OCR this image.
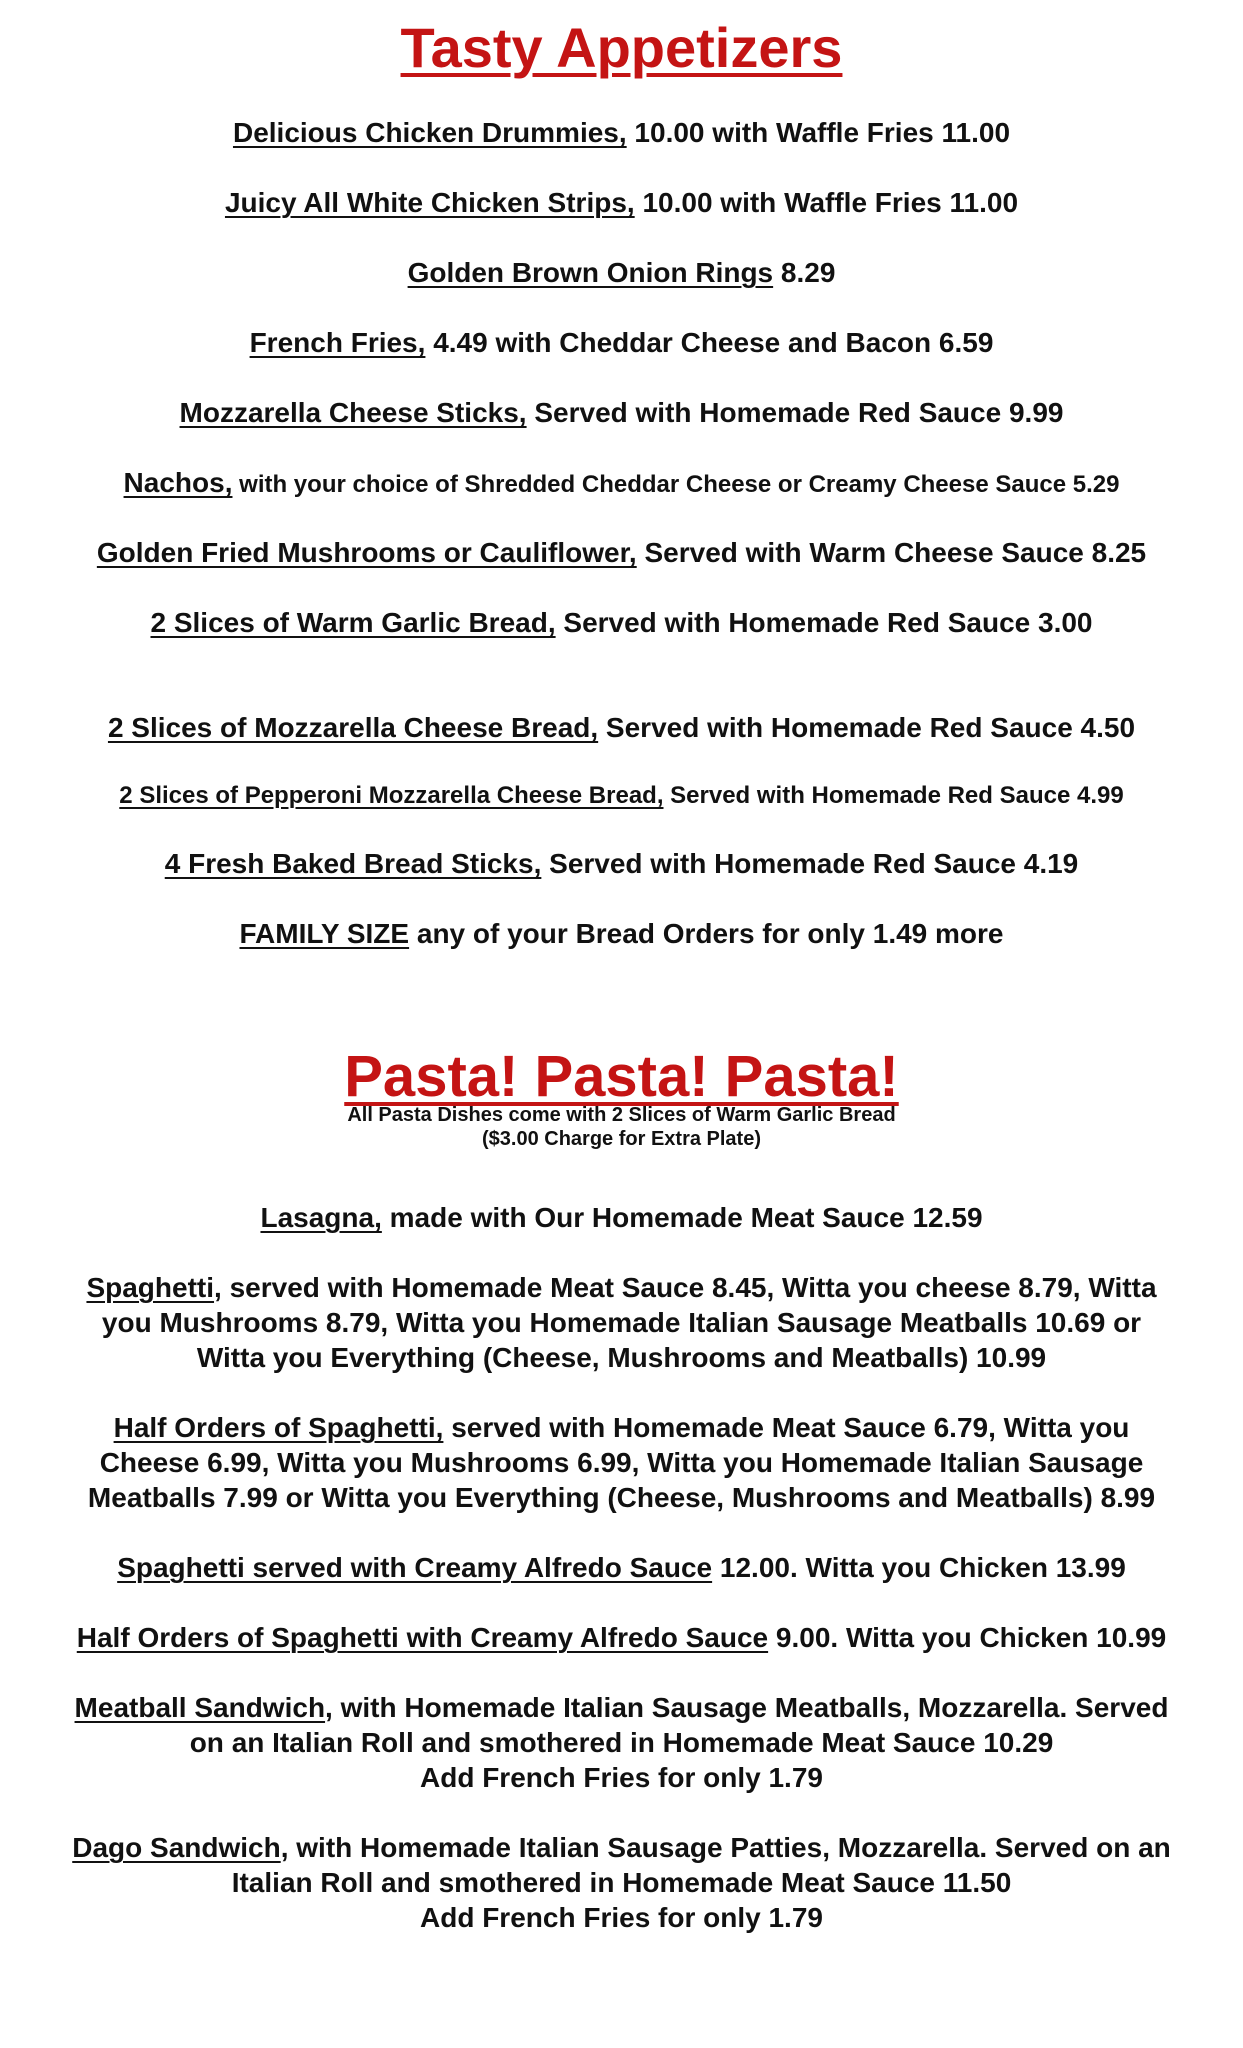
Tasty Appetizers

Delicious Chicken Drummies, 10.00 with Waffle Fries 11.00

Juicy All White Chicken Strips, 10.00 with Waffle Fries 11.00

Golden Brown Onion Rings 8.29

French Fries, 4.49 with Cheddar Cheese and Bacon 6.59

Mozzarella Cheese Sticks, Served with Homemade Red Sauce 9.99

Nachos, with your choice of Shredded Cheddar Cheese or Creamy Cheese Sauce 5.29

Golden Fried Mushrooms or Cauliflower, Served with Warm Cheese Sauce 8.25

2 Slices of Warm Garlic Bread, Served with Homemade Red Sauce 3.00

2 Slices of Mozzarella Cheese Bread, Served with Homemade Red Sauce 4.50

2 Slices of Pepperoni Mozzarella Cheese Bread, Served with Homemade Red Sauce 4.99

4 Fresh Baked Bread Sticks, Served with Homemade Red Sauce 4.19

FAMILY SIZE any of your Bread Orders for only 1.49 more

Pasta! Pasta! Pasta!

All Pasta Dishes come with 2 Slices of Warm Garlic Bread

($3.00 Charge for Extra Plate)

Lasagna, made with Our Homemade Meat Sauce 12.59

Spaghetti, served with Homemade Meat Sauce 8.45, Witta you cheese 8.79, Witta
you Mushrooms 8.79, Witta you Homemade Italian Sausage Meatballs 10.69 or
Witta you Everything (Cheese, Mushrooms and Meatballs) 10.99
Half Orders of Spaghetti, served with Homemade Meat Sauce 6.79, Witta you
Cheese 6.99, Witta you Mushrooms 6.99, Witta you Homemade Italian Sausage
Meatballs 7.99 or Witta you Everything (Cheese, Mushrooms and Meatballs) 8.99

Spaghetti served with Creamy Alfredo Sauce 12.00. Witta you Chicken 13.99

Half Orders of Spaghetti with Creamy Alfredo Sauce 9.00. Witta you Chicken 10.99

Meatball Sandwich, with Homemade Italian Sausage Meatballs, Mozzarella. Served
on an Italian Roll and smothered in Homemade Meat Sauce 10.29
Add French Fries for only 1.79
Dago Sandwich, with Homemade Italian Sausage Patties, Mozzarella. Served on an
Italian Roll and smothered in Homemade Meat Sauce 11.50
Add French Fries for only 1.79
